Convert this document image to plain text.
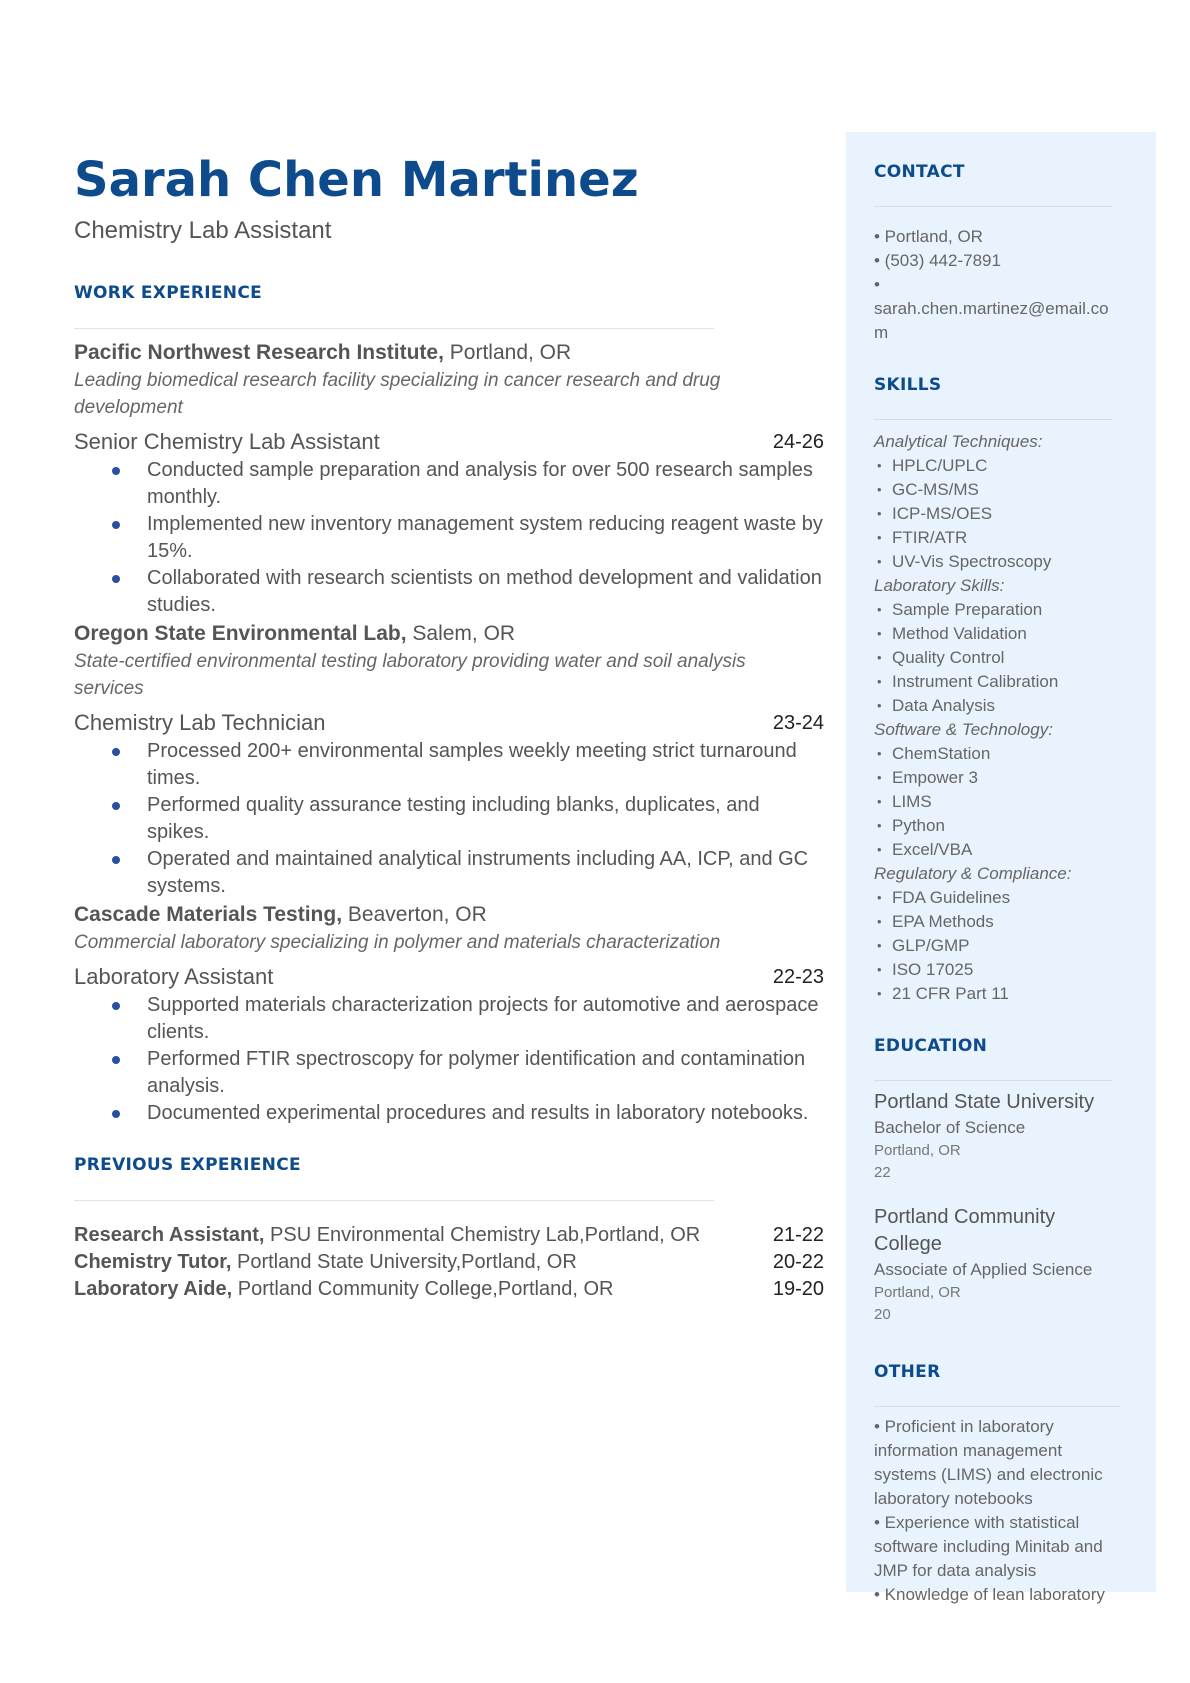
Sarah Chen Martinez
Chemistry Lab Assistant
WORK EXPERIENCE
Pacific Northwest Research Institute, Portland, OR
Leading biomedical research facility specializing in cancer research and drug development
Senior Chemistry Lab Assistant	24-26
Conducted sample preparation and analysis for over 500 research samples monthly.
Implemented new inventory management system reducing reagent waste by 15%.
Collaborated with research scientists on method development and validation studies.
Oregon State Environmental Lab, Salem, OR
State-certified environmental testing laboratory providing water and soil analysis services
Chemistry Lab Technician	23-24
Processed 200+ environmental samples weekly meeting strict turnaround times.
Performed quality assurance testing including blanks, duplicates, and spikes.
Operated and maintained analytical instruments including AA, ICP, and GC systems.
Cascade Materials Testing, Beaverton, OR
Commercial laboratory specializing in polymer and materials characterization
Laboratory Assistant	22-23
Supported materials characterization projects for automotive and aerospace clients.
Performed FTIR spectroscopy for polymer identification and contamination analysis.
Documented experimental procedures and results in laboratory notebooks.
PREVIOUS EXPERIENCE
Research Assistant, PSU Environmental Chemistry Lab,Portland, OR	21-22
Chemistry Tutor, Portland State University,Portland, OR	20-22
Laboratory Aide, Portland Community College,Portland, OR	19-20
CONTACT
• Portland, OR
• (503) 442-7891
•
sarah.chen.martinez@email.co
m
SKILLS
Analytical Techniques:
• HPLC/UPLC
• GC-MS/MS
• ICP-MS/OES
• FTIR/ATR
• UV-Vis Spectroscopy
Laboratory Skills:
• Sample Preparation
• Method Validation
• Quality Control
• Instrument Calibration
• Data Analysis
Software & Technology:
• ChemStation
• Empower 3
• LIMS
• Python
• Excel/VBA
Regulatory & Compliance:
• FDA Guidelines
• EPA Methods
• GLP/GMP
• ISO 17025
• 21 CFR Part 11
EDUCATION
Portland State University
Bachelor of Science
Portland, OR
22
Portland Community College
Associate of Applied Science
Portland, OR
20
OTHER
• Proficient in laboratory information management systems (LIMS) and electronic laboratory notebooks
• Experience with statistical software including Minitab and JMP for data analysis
• Knowledge of lean laboratory
